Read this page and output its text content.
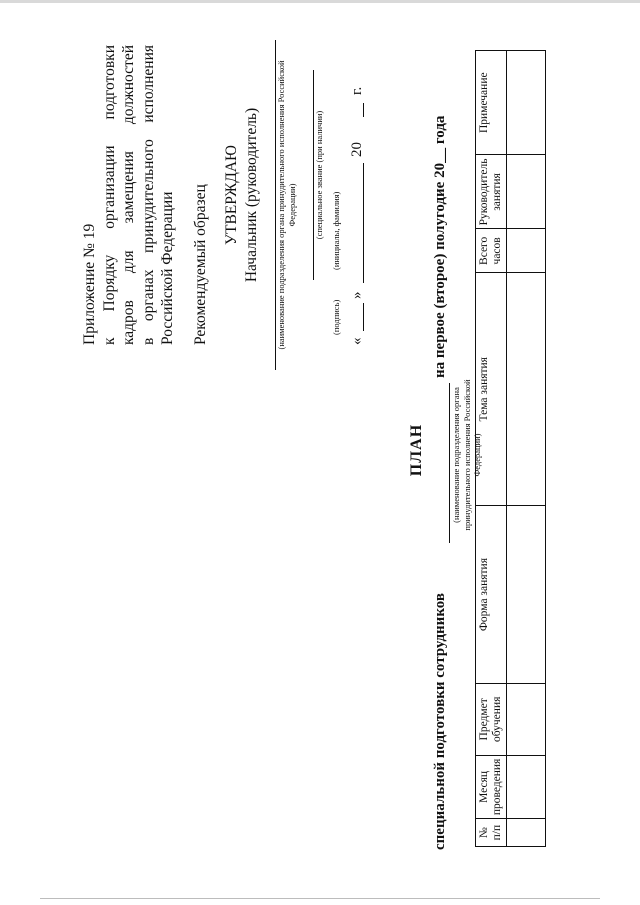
Приложение № 19 к Порядку организации подготовки кадров для замещения должностей в органах принудительного исполнения Российской Федерации Рекомендуемый образец УТВЕРЖДАЮ Начальник (руководитель) (наименование подразделения органа принудительного исполнения Российской Федерации) (специальное звание (при наличии)
(подпись)
(инициалы, фамилия)
«
»
20
г.
ПЛАН
специальной подготовки сотрудников
на первое (второе) полугодие 20__ года
(наименование подразделения органа принудительного исполнения Российской Федерации)
№ п/п	Месяц проведения	Предмет обучения	Форма занятия	Тема занятия	Всего часов	Руководитель занятия	Примечание
